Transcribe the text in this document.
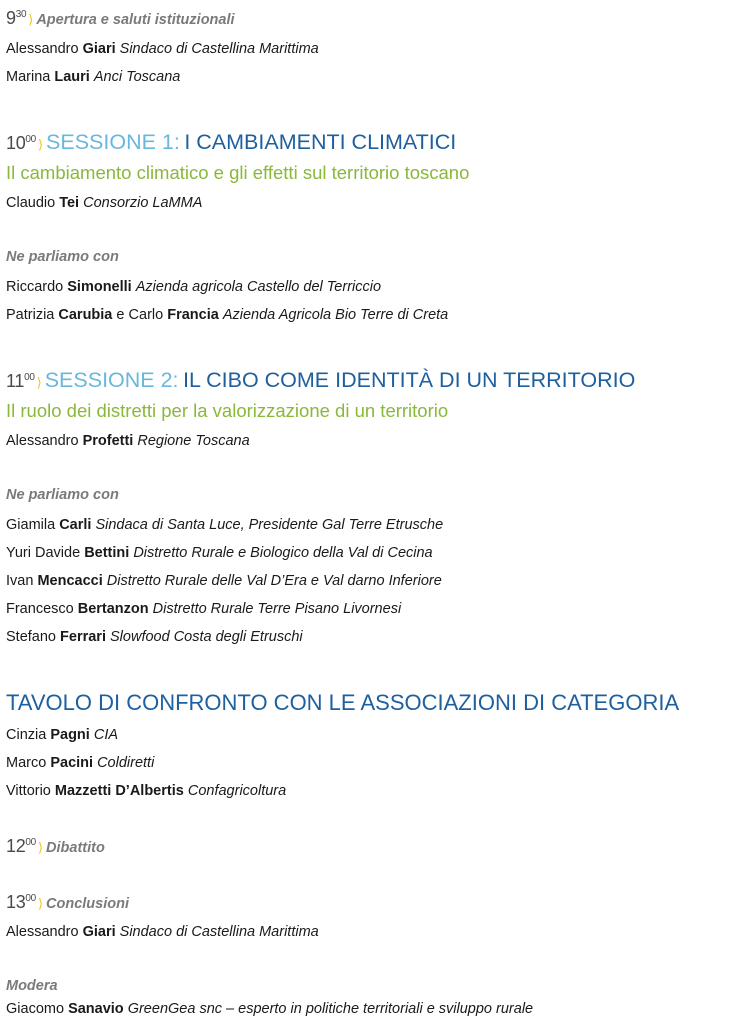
$9^{30}$ ⟩ Apertura e saluti istituzionali
Alessandro Giari Sindaco di Castellina Marittima
Marina Lauri Anci Toscana
$10^{00}$ ⟩ SESSIONE 1: I CAMBIAMENTI CLIMATICI
Il cambiamento climatico e gli effetti sul territorio toscano
Claudio Tei Consorzio LaMMA
Ne parliamo con
Riccardo Simonelli Azienda agricola Castello del Terriccio
Patrizia Carubia e Carlo Francia Azienda Agricola Bio Terre di Creta
$11^{00}$ ⟩ SESSIONE 2: IL CIBO COME IDENTITÀ DI UN TERRITORIO
Il ruolo dei distretti per la valorizzazione di un territorio
Alessandro Profetti Regione Toscana
Ne parliamo con
Giamila Carli Sindaca di Santa Luce, Presidente Gal Terre Etrusche
Yuri Davide Bettini Distretto Rurale e Biologico della Val di Cecina
Ivan Mencacci Distretto Rurale delle Val D’Era e Val darno Inferiore
Francesco Bertanzon Distretto Rurale Terre Pisano Livornesi
Stefano Ferrari Slowfood Costa degli Etruschi
TAVOLO DI CONFRONTO CON LE ASSOCIAZIONI DI CATEGORIA
Cinzia Pagni CIA
Marco Pacini Coldiretti
Vittorio Mazzetti D’Albertis Confagricoltura
$12^{00}$ ⟩ Dibattito
$13^{00}$ ⟩ Conclusioni
Alessandro Giari Sindaco di Castellina Marittima
Modera
Giacomo Sanavio GreenGea snc – esperto in politiche territoriali e sviluppo rurale
